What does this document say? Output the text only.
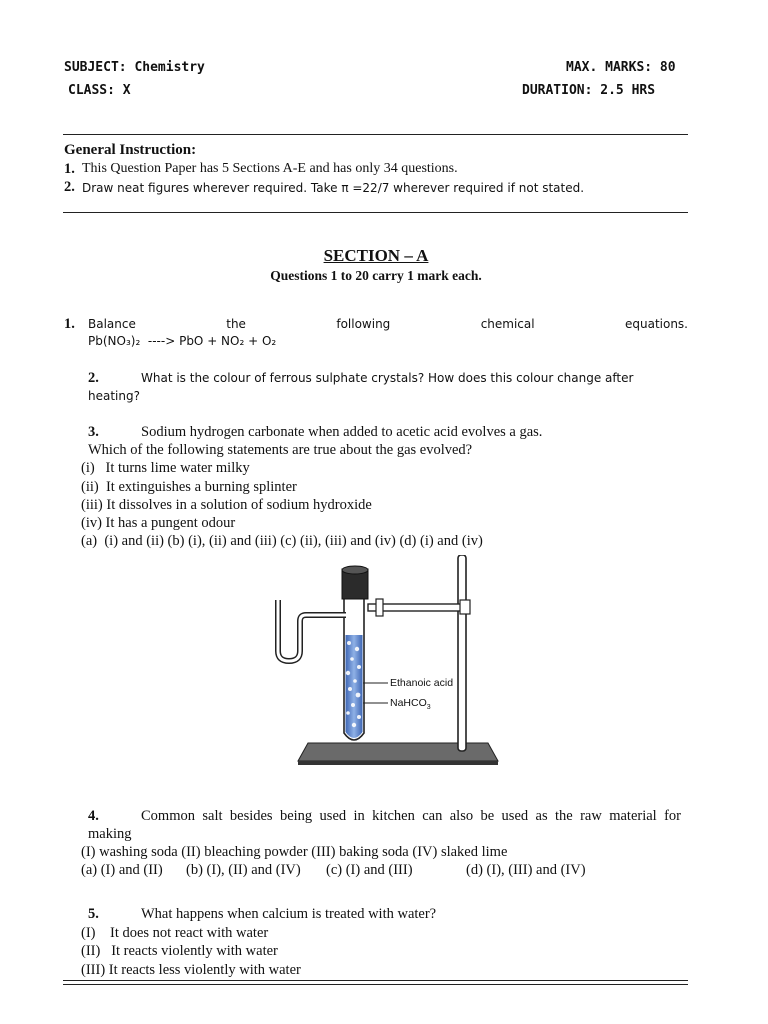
SUBJECT: Chemistry	MAX. MARKS: 80
CLASS: X	DURATION: 2.5 HRS
General Instruction:
1. This Question Paper has 5 Sections A-E and has only 34 questions.
2. Draw neat figures wherever required. Take π =22/7 wherever required if not stated.
SECTION – A
Questions 1 to 20 carry 1 mark each.
1. Balance	the	following	chemical	equations.
Pb(NO₃)₂  ----> PbO + NO₂ + O₂
2.	What is the colour of ferrous sulphate crystals? How does this colour change after
heating?
3.	Sodium hydrogen carbonate when added to acetic acid evolves a gas.
Which of the following statements are true about the gas evolved?
(i)   It turns lime water milky
(ii)  It extinguishes a burning splinter
(iii) It dissolves in a solution of sodium hydroxide
(iv) It has a pungent odour
(a)  (i) and (ii) (b) (i), (ii) and (iii) (c) (ii), (iii) and (iv) (d) (i) and (iv)
Ethanoic acid
NaHCO$_3$
4.	Common salt besides being used in kitchen can also be used as the raw material for
making
(I) washing soda (II) bleaching powder (III) baking soda (IV) slaked lime
(a) (I) and (II) (b) (I), (II) and (IV) (c) (I) and (III)	(d) (I), (III) and (IV)
5.	What happens when calcium is treated with water?
(I)    It does not react with water
(II)   It reacts violently with water
(III) It reacts less violently with water
